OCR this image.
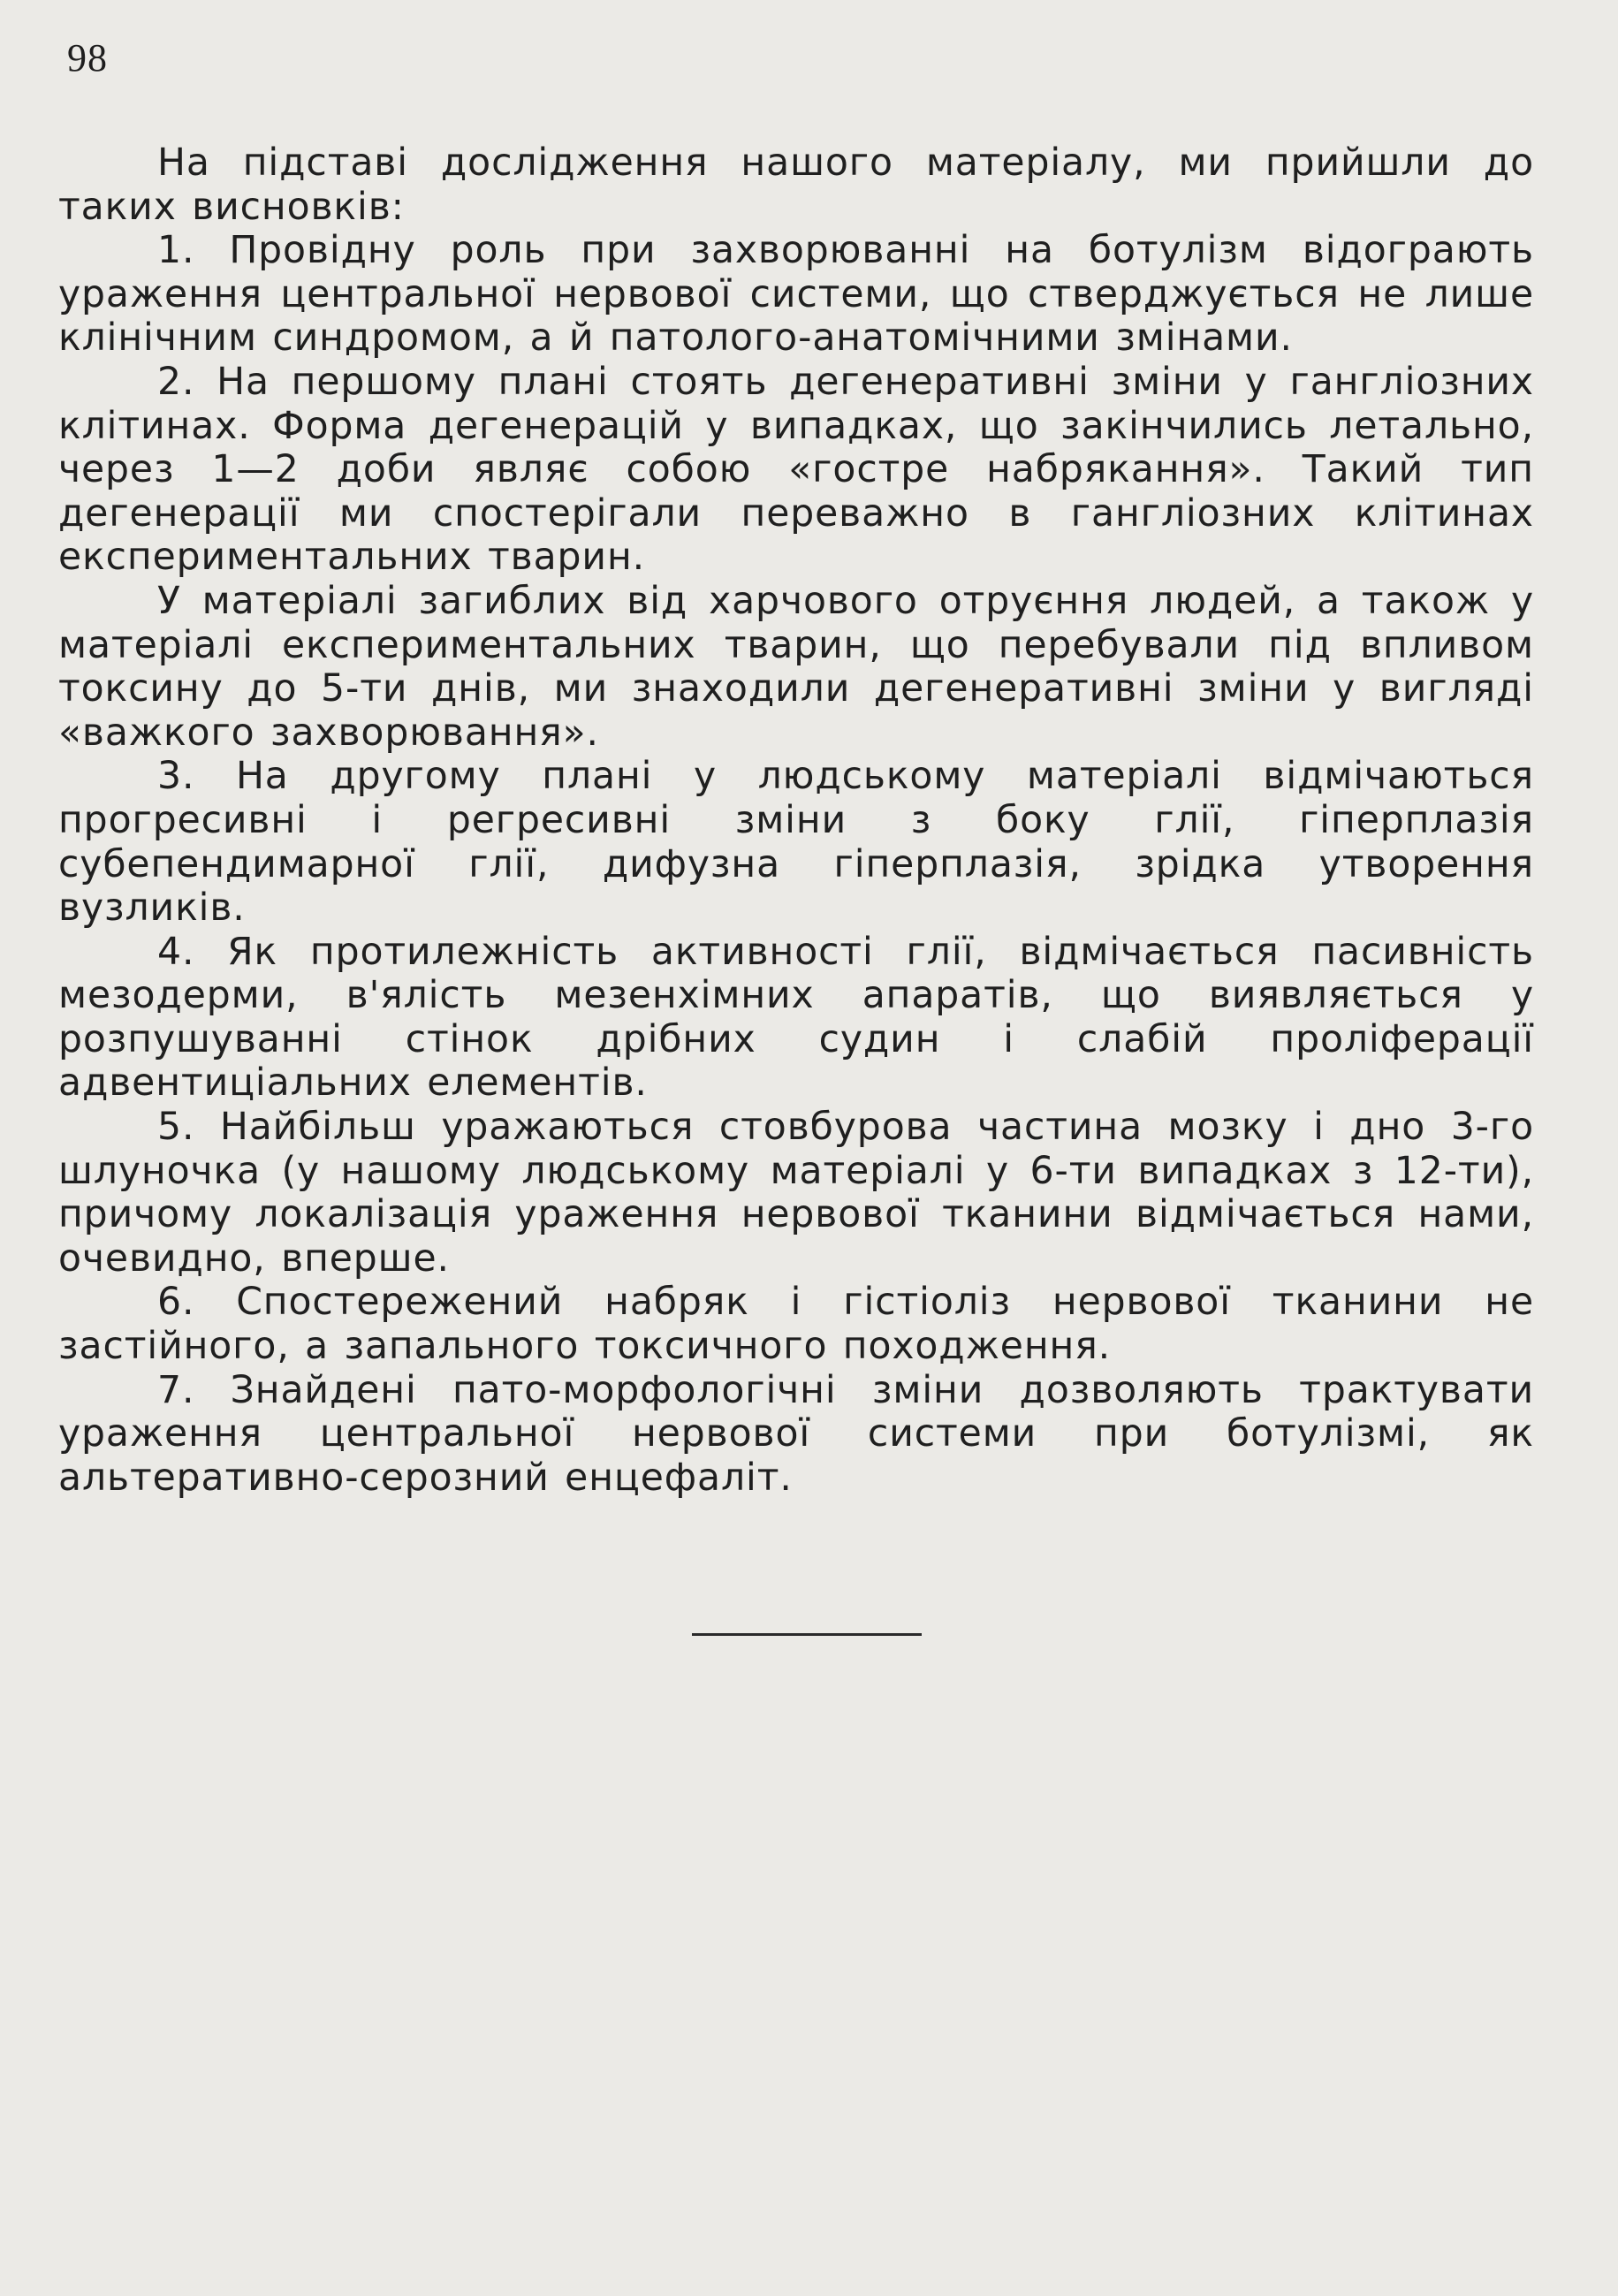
98

На підставі дослідження нашого матеріалу, ми прийшли до таких висновків:

1. Провідну роль при захворюванні на ботулізм відограють ураження центральної нервової системи, що стверджується не лише клінічним синдромом, а й патолого-анатомічними змінами.

2. На першому плані стоять дегенеративні зміни у гангліозних клітинах. Форма дегенерацій у випадках, що закінчились летально, через 1—2 доби являє собою «гостре набрякання». Такий тип дегенерації ми спостерігали переважно в гангліозних клітинах експериментальних тварин.

У матеріалі загиблих від харчового отруєння людей, а також у матеріалі експериментальних тварин, що перебували під впливом токсину до 5-ти днів, ми знаходили дегенеративні зміни у вигляді «важкого захворювання».

3. На другому плані у людському матеріалі відмічаються прогресивні і регресивні зміни з боку глії, гіперплазія субепендимарної глії, дифузна гіперплазія, зрідка утворення вузликів.

4. Як протилежність активності глії, відмічається пасивність мезодерми, в'ялість мезенхімних апаратів, що виявляється у розпушуванні стінок дрібних судин і слабій проліферації адвентиціальних елементів.

5. Найбільш уражаються стовбурова частина мозку і дно 3-го шлуночка (у нашому людському матеріалі у 6-ти випадках з 12-ти), причому локалізація ураження нервової тканини відмічається нами, очевидно, вперше.

6. Спостережений набряк і гістіоліз нервової тканини не застійного, а запального токсичного походження.

7. Знайдені пато-морфологічні зміни дозволяють трактувати ураження центральної нервової системи при ботулізмі, як альтеративно-серозний енцефаліт.
